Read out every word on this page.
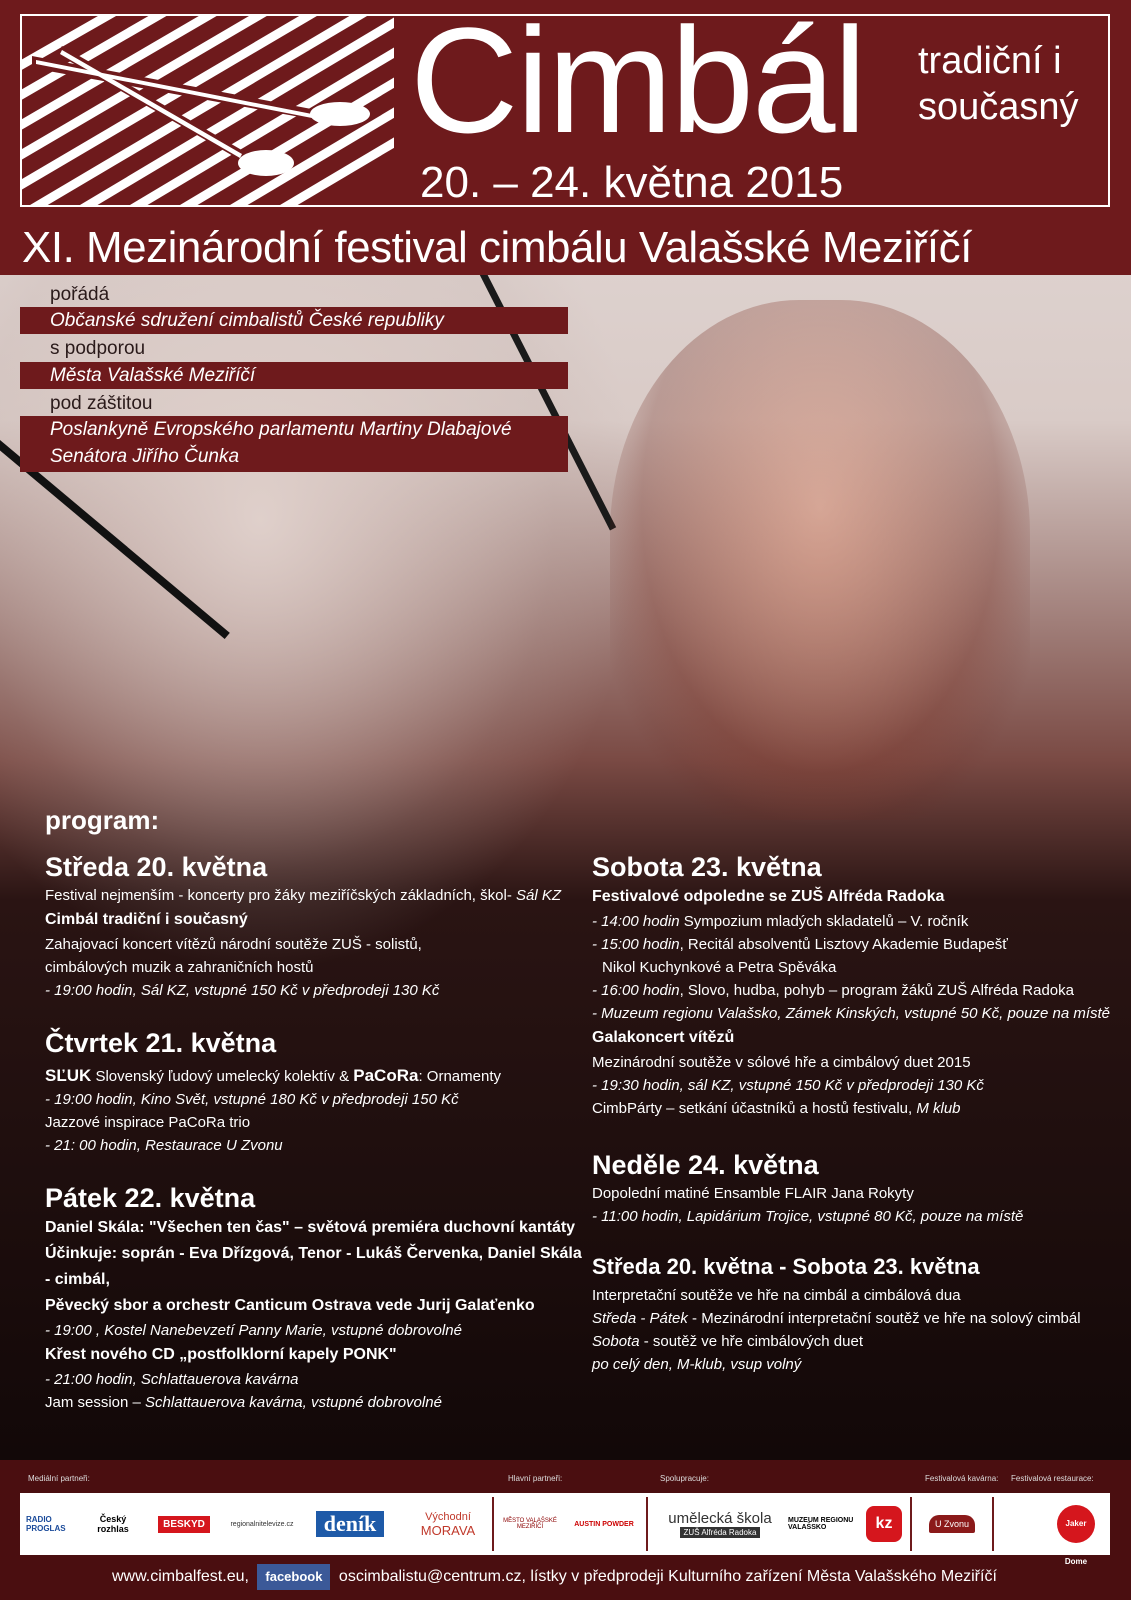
Cimbál tradiční i
současný
20. – 24. května 2015
XI. Mezinárodní festival cimbálu Valašské Meziříčí
pořádá
Občanské sdružení cimbalistů České republiky
s podporou
Města Valašské Meziříčí
pod záštitou
Poslankyně Evropského parlamentu Martiny Dlabajové
Senátora Jiřího Čunka
program:
Středa 20. května
Festival nejmenším - koncerty pro žáky meziříčských základních, škol- Sál KZ
Cimbál tradiční i současný
Zahajovací koncert vítězů národní soutěže ZUŠ - solistů,
cimbálových muzik a zahraničních hostů
- 19:00 hodin, Sál KZ, vstupné 150 Kč v předprodeji 130 Kč
Čtvrtek 21. května
SĽUK Slovenský ľudový umelecký kolektív & PaCoRa: Ornamenty
- 19:00 hodin, Kino Svět, vstupné 180 Kč v předprodeji 150 Kč
Jazzové inspirace PaCoRa trio
- 21: 00 hodin, Restaurace U Zvonu
Pátek 22. května
Daniel Skála: "Všechen ten čas" – světová premiéra duchovní kantáty
Účinkuje: soprán - Eva Dřízgová, Tenor - Lukáš Červenka, Daniel Skála - cimbál,
Pěvecký sbor a orchestr Canticum Ostrava vede Jurij Galaťenko
- 19:00 , Kostel Nanebevzetí Panny Marie, vstupné dobrovolné
Křest nového CD „postfolklorní kapely PONK"
- 21:00 hodin, Schlattauerova kavárna
Jam session – Schlattauerova kavárna, vstupné dobrovolné
Sobota 23. května
Festivalové odpoledne se ZUŠ Alfréda Radoka
- 14:00 hodin Sympozium mladých skladatelů – V. ročník
- 15:00 hodin, Recitál absolventů Lisztovy Akademie Budapešť
Nikol Kuchynkové a Petra Spěváka
- 16:00 hodin, Slovo, hudba, pohyb – program žáků ZUŠ Alfréda Radoka
- Muzeum regionu Valašsko, Zámek Kinských, vstupné 50 Kč, pouze na místě
Galakoncert vítězů
Mezinárodní soutěže v sólové hře a cimbálový duet 2015
- 19:30 hodin, sál KZ, vstupné 150 Kč v předprodeji 130 Kč
CimbPárty – setkání účastníků a hostů festivalu, M klub
Neděle 24. května
Dopolední matiné Ensamble FLAIR Jana Rokyty
- 11:00 hodin, Lapidárium Trojice, vstupné 80 Kč, pouze na místě
Středa 20. května - Sobota 23. května
Interpretační soutěže ve hře na cimbál a cimbálová dua
Středa - Pátek - Mezinárodní interpretační soutěž ve hře na solový cimbál
Sobota - soutěž ve hře cimbálových duet
po celý den, M-klub, vsup volný
Mediální partneři:	Hlavní partneři:	Spolupracuje:	Festivalová kavárna: Festivalová restaurace:
RADIO PROGLAS
Český rozhlas	BESKYD	regionalnitelevize.cz	deník	Východní
MORAVA
MĚSTO VALAŠSKÉ MEZIŘÍČÍ	AUSTIN POWDER	umělecká škola
ZUŠ Alfréda Radoka
MUZEUM REGIONU VALAŠSKO	kz	U Zvonu	Jaker Dome
www.cimbalfest.eu, facebook oscimbalistu@centrum.cz, lístky v předprodeji Kulturního zařízení Města Valašského Meziříčí
